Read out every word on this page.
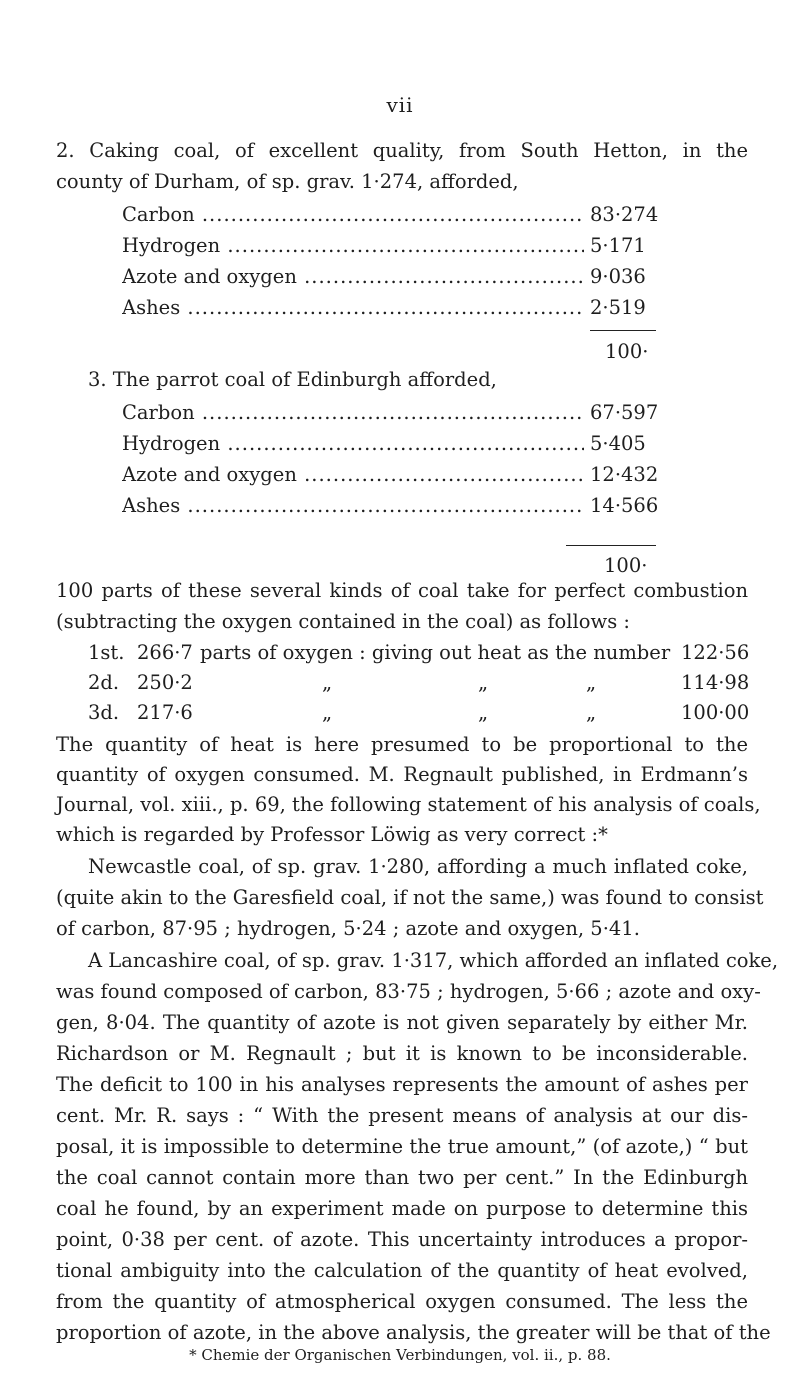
vii
2. Caking coal, of excellent quality, from South Hetton, in the
county of Durham, of sp. grav. 1·274, afforded,
Carbon .....	83·274
Hydrogen .....	5·171
Azote and oxygen .....	9·036
Ashes .....	2·519
100·
3. The parrot coal of Edinburgh afforded,
Carbon .....	67·597
Hydrogen .....	5·405
Azote and oxygen .....	12·432
Ashes .....	14·566
100·
100 parts of these several kinds of coal take for perfect combustion
(subtracting the oxygen contained in the coal) as follows :
1st. 266·7 parts of oxygen : giving out heat as the number 122·56
2d. 250·2	„	„	„	114·98
3d. 217·6	„	„	„	100·00
The quantity of heat is here presumed to be proportional to the
quantity of oxygen consumed. M. Regnault published, in Erdmann’s
Journal, vol. xiii., p. 69, the following statement of his analysis of coals,
which is regarded by Professor Löwig as very correct :*
Newcastle coal, of sp. grav. 1·280, affording a much inflated coke,
(quite akin to the Garesfield coal, if not the same,) was found to consist
of carbon, 87·95 ; hydrogen, 5·24 ; azote and oxygen, 5·41.
A Lancashire coal, of sp. grav. 1·317, which afforded an inflated coke,
was found composed of carbon, 83·75 ; hydrogen, 5·66 ; azote and oxy-
gen, 8·04. The quantity of azote is not given separately by either Mr.
Richardson or M. Regnault ; but it is known to be inconsiderable.
The deficit to 100 in his analyses represents the amount of ashes per
cent. Mr. R. says : “ With the present means of analysis at our dis-
posal, it is impossible to determine the true amount,” (of azote,) “ but
the coal cannot contain more than two per cent.” In the Edinburgh
coal he found, by an experiment made on purpose to determine this
point, 0·38 per cent. of azote. This uncertainty introduces a propor-
tional ambiguity into the calculation of the quantity of heat evolved,
from the quantity of atmospherical oxygen consumed. The less the
proportion of azote, in the above analysis, the greater will be that of the
* Chemie der Organischen Verbindungen, vol. ii., p. 88.
